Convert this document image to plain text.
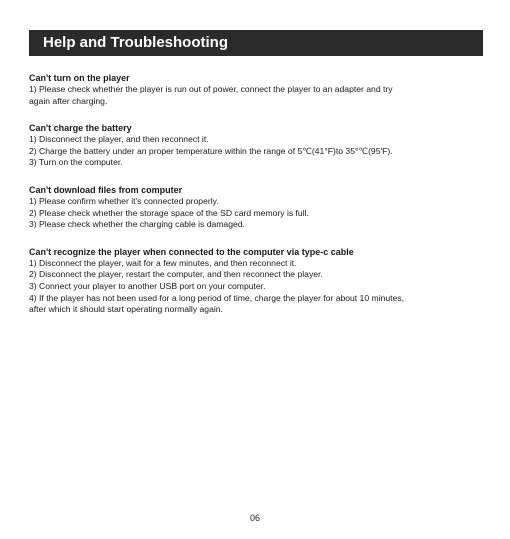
Help and Troubleshooting

Can't turn on the player

1) Please check whether the player is run out of power, connect the player to an adapter and try

again after charging.

Can't charge the battery

1) Disconnect the player, and then reconnect it.

2) Charge the battery under an proper temperature within the range of 5℃(41°F)to 35°℃(95'F).

3) Turn on the computer.

Can't download files from computer

1) Please confirm whether it's connected properly.

2) Please check whether the storage space of the SD card memory is full.

3) Please check whether the charging cable is damaged.

Can't recognize the player when connected to the computer via type-c cable

1) Disconnect the player, wait for a few minutes, and then reconnect it.

2) Disconnect the player, restart the computer, and then reconnect the player.

3) Connect your player to another USB port on your computer.

4) If the player has not been used for a long period of time, charge the player for about 10 minutes,

after which it should start operating normally again.

06
